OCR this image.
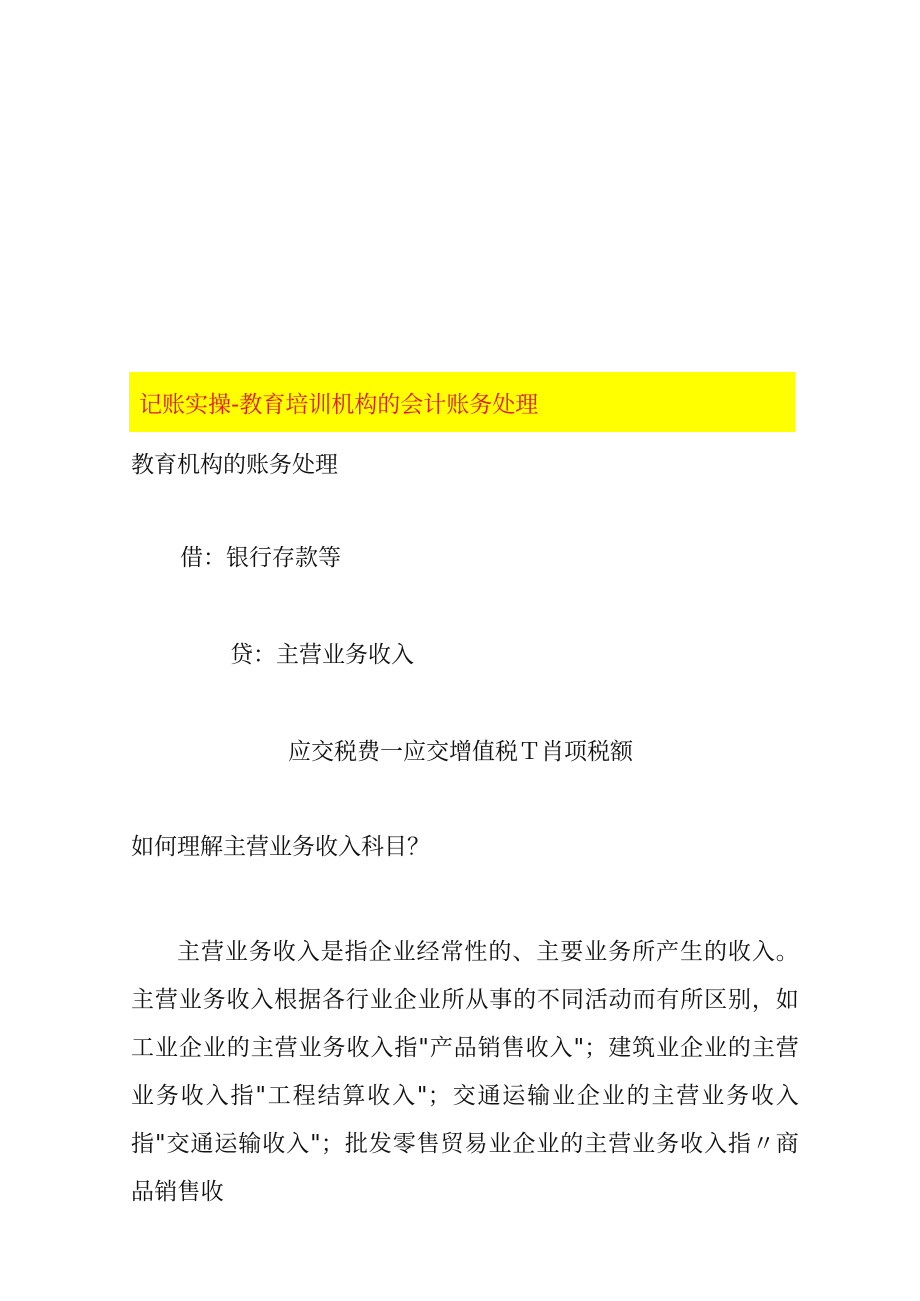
记账实操-教育培训机构的会计账务处理
教育机构的账务处理
借：银行存款等
贷：主营业务收入
应交税费一应交增值税Ｔ肖项税额
如何理解主营业务收入科目？
主营业务收入是指企业经常性的、主要业务所产生的收入。主营业务收入根据各行业企业所从事的不同活动而有所区别，如工业企业的主营业务收入指"产品销售收入"；建筑业企业的主营业务收入指"工程结算收入"；交通运输业企业的主营业务收入指"交通运输收入"；批发零售贸易业企业的主营业务收入指〃商品销售收
